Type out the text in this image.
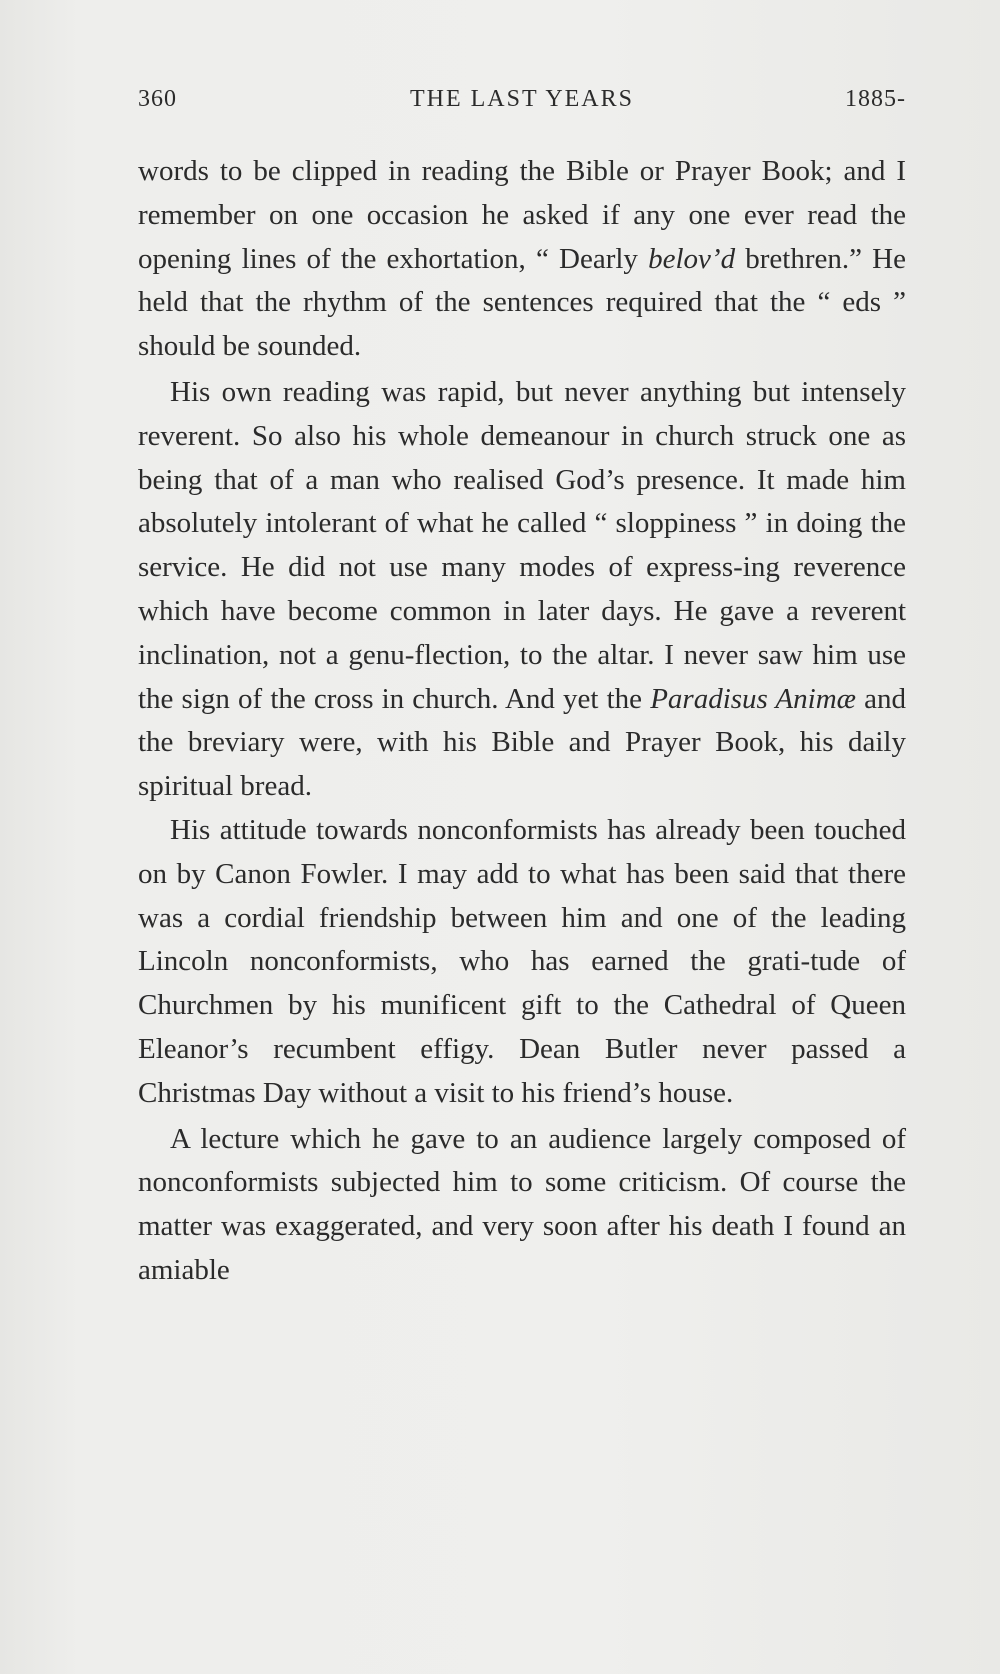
360	THE LAST YEARS	1885-

words to be clipped in reading the Bible or Prayer Book; and I remember on one occasion he asked if any one ever read the opening lines of the exhortation, “ Dearly belov’d brethren.” He held that the rhythm of the sentences required that the “ eds ” should be sounded.

His own reading was rapid, but never anything but intensely reverent. So also his whole demeanour in church struck one as being that of a man who realised God’s presence. It made him absolutely intolerant of what he called “ sloppiness ” in doing the service. He did not use many modes of express-ing reverence which have become common in later days. He gave a reverent inclination, not a genu-flection, to the altar. I never saw him use the sign of the cross in church. And yet the Paradisus Animæ and the breviary were, with his Bible and Prayer Book, his daily spiritual bread.

His attitude towards nonconformists has already been touched on by Canon Fowler. I may add to what has been said that there was a cordial friendship between him and one of the leading Lincoln nonconformists, who has earned the grati-tude of Churchmen by his munificent gift to the Cathedral of Queen Eleanor’s recumbent effigy. Dean Butler never passed a Christmas Day without a visit to his friend’s house.

A lecture which he gave to an audience largely composed of nonconformists subjected him to some criticism. Of course the matter was exaggerated, and very soon after his death I found an amiable
